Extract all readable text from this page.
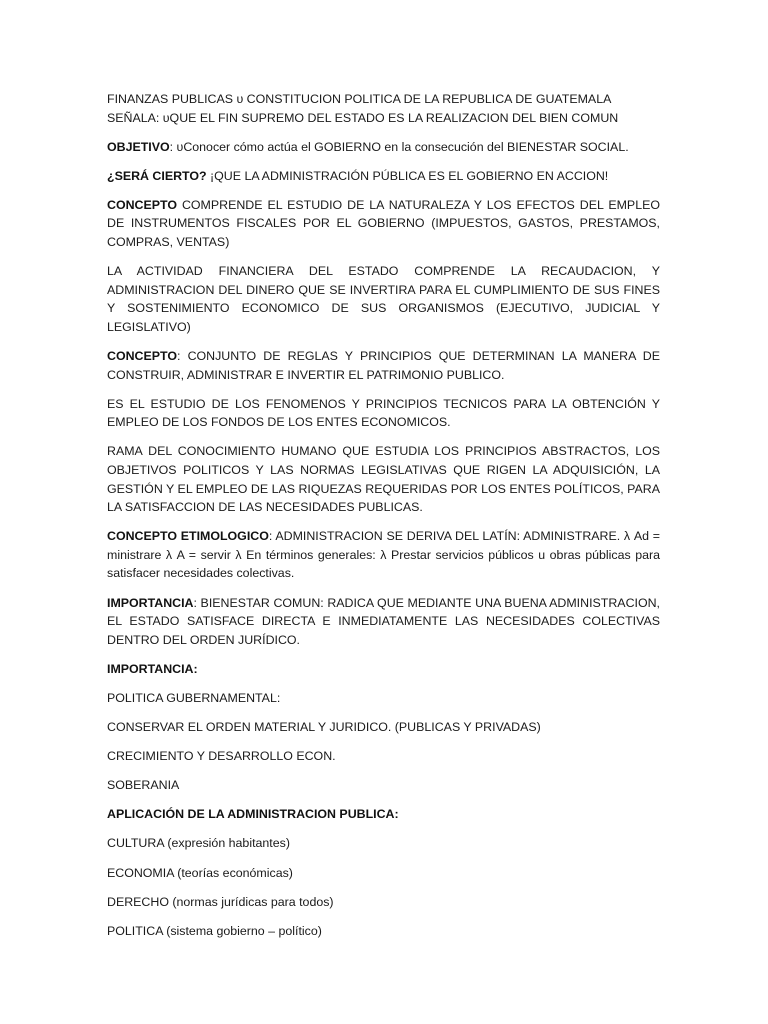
FINANZAS PUBLICAS υ CONSTITUCION POLITICA DE LA REPUBLICA DE GUATEMALA SEÑALA: υQUE EL FIN SUPREMO DEL ESTADO ES LA REALIZACION DEL BIEN COMUN

OBJETIVO: υConocer cómo actúa el GOBIERNO en la consecución del BIENESTAR SOCIAL.

¿SERÁ CIERTO? ¡QUE LA ADMINISTRACIÓN PÚBLICA ES EL GOBIERNO EN ACCION!

CONCEPTO COMPRENDE EL ESTUDIO DE LA NATURALEZA Y LOS EFECTOS DEL EMPLEO DE INSTRUMENTOS FISCALES POR EL GOBIERNO (IMPUESTOS, GASTOS, PRESTAMOS, COMPRAS, VENTAS)

LA ACTIVIDAD FINANCIERA DEL ESTADO COMPRENDE LA RECAUDACION, Y ADMINISTRACION DEL DINERO QUE SE INVERTIRA PARA EL CUMPLIMIENTO DE SUS FINES Y SOSTENIMIENTO ECONOMICO DE SUS ORGANISMOS (EJECUTIVO, JUDICIAL Y LEGISLATIVO)

CONCEPTO: CONJUNTO DE REGLAS Y PRINCIPIOS QUE DETERMINAN LA MANERA DE CONSTRUIR, ADMINISTRAR E INVERTIR EL PATRIMONIO PUBLICO.

ES EL ESTUDIO DE LOS FENOMENOS Y PRINCIPIOS TECNICOS PARA LA OBTENCIÓN Y EMPLEO DE LOS FONDOS DE LOS ENTES ECONOMICOS.

RAMA DEL CONOCIMIENTO HUMANO QUE ESTUDIA LOS PRINCIPIOS ABSTRACTOS, LOS OBJETIVOS POLITICOS Y LAS NORMAS LEGISLATIVAS QUE RIGEN LA ADQUISICIÓN, LA GESTIÓN Y EL EMPLEO DE LAS RIQUEZAS REQUERIDAS POR LOS ENTES POLÍTICOS, PARA LA SATISFACCION DE LAS NECESIDADES PUBLICAS.

CONCEPTO ETIMOLOGICO: ADMINISTRACION SE DERIVA DEL LATÍN: ADMINISTRARE. λ Ad = ministrare λ A = servir λ En términos generales: λ Prestar servicios públicos u obras públicas para satisfacer necesidades colectivas.

IMPORTANCIA: BIENESTAR COMUN: RADICA QUE MEDIANTE UNA BUENA ADMINISTRACION, EL ESTADO SATISFACE DIRECTA E INMEDIATAMENTE LAS NECESIDADES COLECTIVAS DENTRO DEL ORDEN JURÍDICO.

IMPORTANCIA:

POLITICA GUBERNAMENTAL:

CONSERVAR EL ORDEN MATERIAL Y JURIDICO. (PUBLICAS Y PRIVADAS)

CRECIMIENTO Y DESARROLLO ECON.

SOBERANIA

APLICACIÓN DE LA ADMINISTRACION PUBLICA:

CULTURA (expresión habitantes)

ECONOMIA (teorías económicas)

DERECHO (normas jurídicas para todos)

POLITICA (sistema gobierno – político)
